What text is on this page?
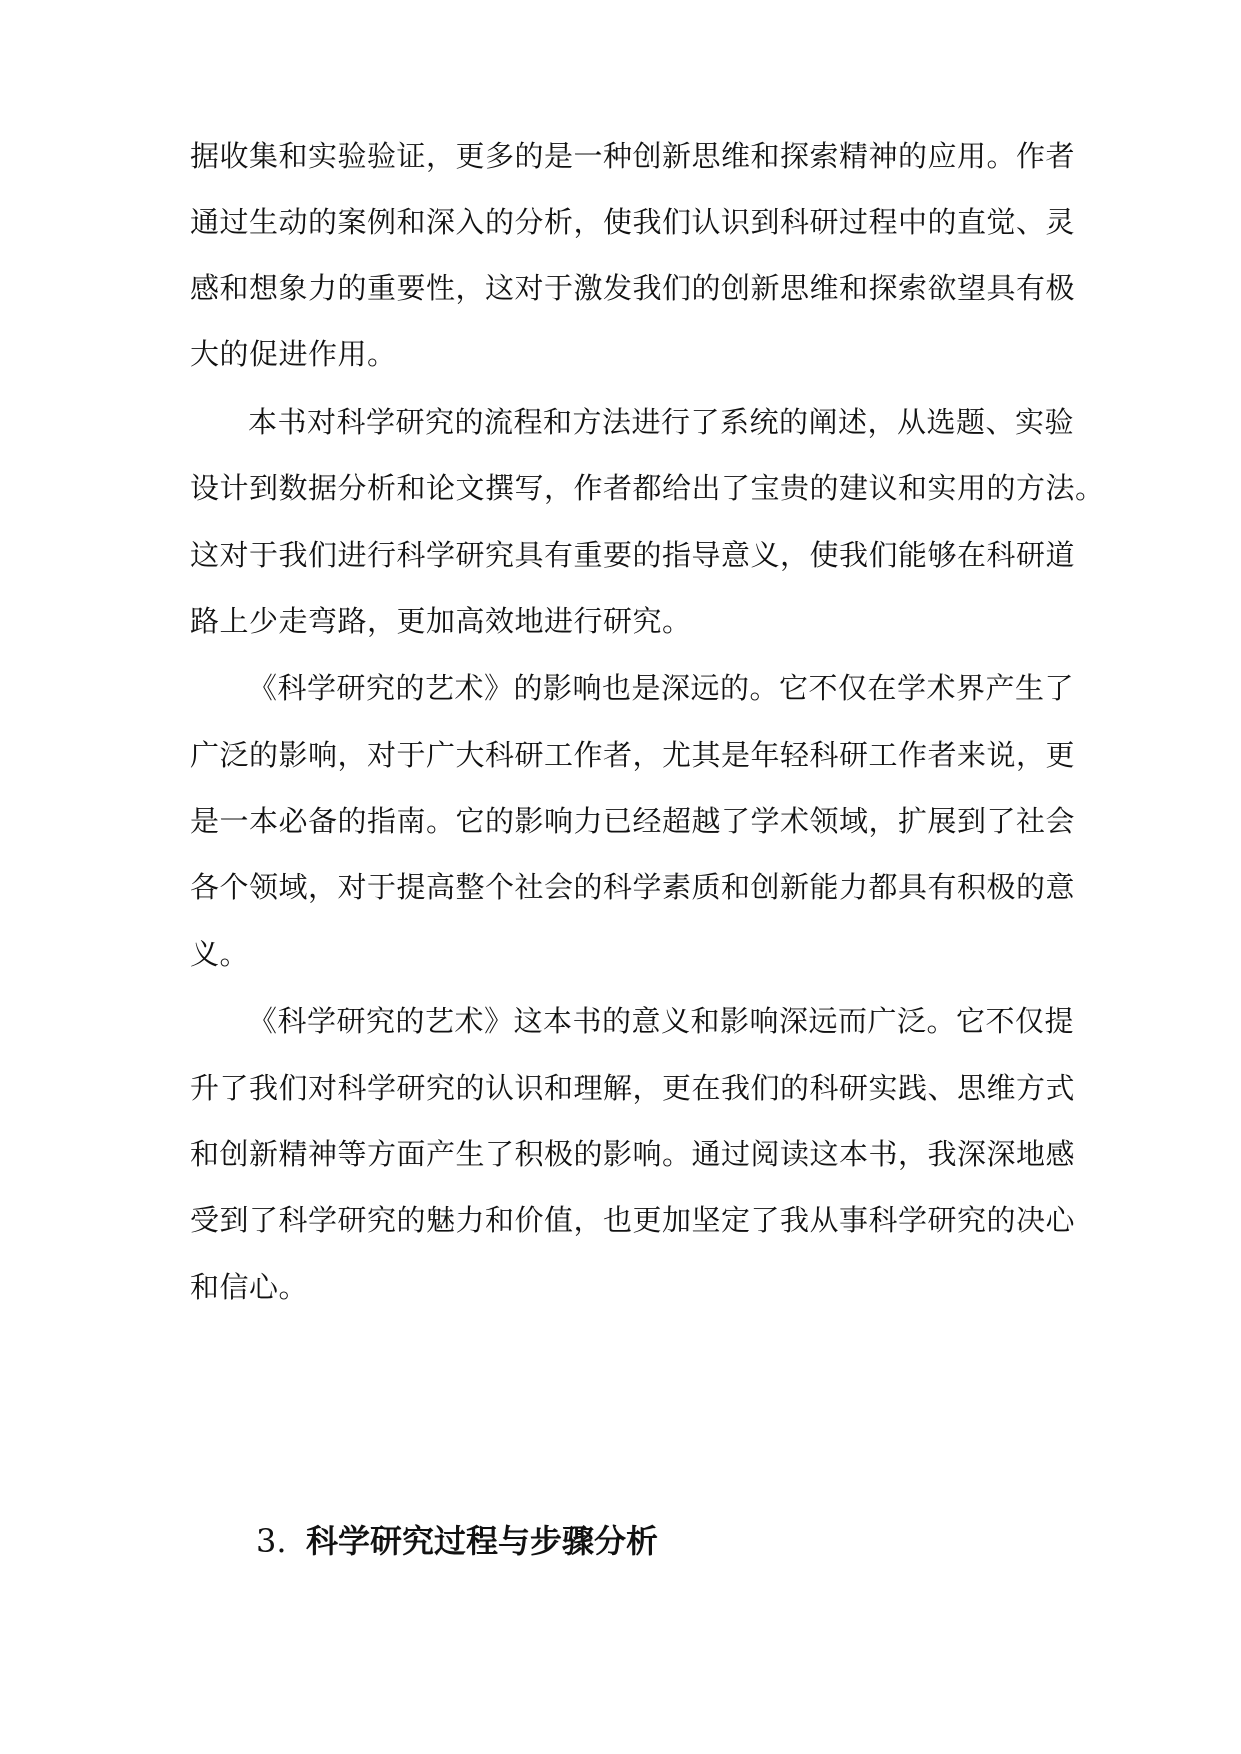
据收集和实验验证，更多的是一种创新思维和探索精神的应用。作者
通过生动的案例和深入的分析，使我们认识到科研过程中的直觉、灵
感和想象力的重要性，这对于激发我们的创新思维和探索欲望具有极
大的促进作用。
本书对科学研究的流程和方法进行了系统的阐述，从选题、实验
设计到数据分析和论文撰写，作者都给出了宝贵的建议和实用的方法。
这对于我们进行科学研究具有重要的指导意义，使我们能够在科研道
路上少走弯路，更加高效地进行研究。
《科学研究的艺术》的影响也是深远的。它不仅在学术界产生了
广泛的影响，对于广大科研工作者，尤其是年轻科研工作者来说，更
是一本必备的指南。它的影响力已经超越了学术领域，扩展到了社会
各个领域，对于提高整个社会的科学素质和创新能力都具有积极的意
义。
《科学研究的艺术》这本书的意义和影响深远而广泛。它不仅提
升了我们对科学研究的认识和理解，更在我们的科研实践、思维方式
和创新精神等方面产生了积极的影响。通过阅读这本书，我深深地感
受到了科学研究的魅力和价值，也更加坚定了我从事科学研究的决心
和信心。
3. 科学研究过程与步骤分析
